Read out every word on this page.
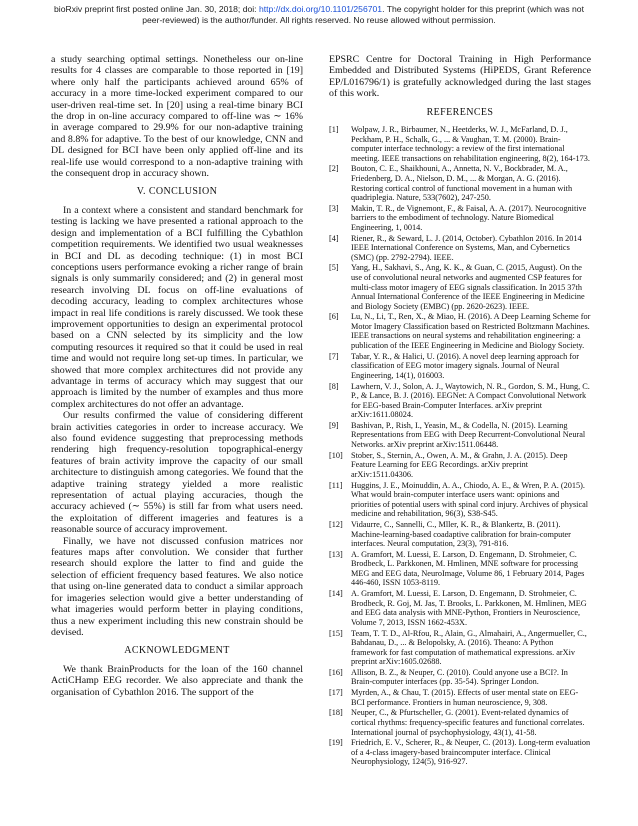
bioRxiv preprint first posted online Jan. 30, 2018; doi: http://dx.doi.org/10.1101/256701. The copyright holder for this preprint (which was not
peer-reviewed) is the author/funder. All rights reserved. No reuse allowed without permission.

a study searching optimal settings. Nonetheless our on-line results for 4 classes are comparable to those reported in [19] where only half the participants achieved around 65% of accuracy in a more time-locked experiment compared to our user-driven real-time set. In [20] using a real-time binary BCI the drop in on-line accuracy compared to off-line was ∼ 16% in average compared to 29.9% for our non-adaptive training and 8.8% for adaptive. To the best of our knowledge, CNN and DL designed for BCI have been only applied off-line and its real-life use would correspond to a non-adaptive training with the consequent drop in accuracy shown.

V. CONCLUSION

In a context where a consistent and standard benchmark for testing is lacking we have presented a rational approach to the design and implementation of a BCI fulfilling the Cybathlon competition requirements. We identified two usual weaknesses in BCI and DL as decoding technique: (1) in most BCI conceptions users performance evoking a richer range of brain signals is only summarily considered; and (2) in general most research involving DL focus on off-line evaluations of decoding accuracy, leading to complex architectures whose impact in real life conditions is rarely discussed. We took these improvement opportunities to design an experimental protocol based on a CNN selected by its simplicity and the low computing resources it required so that it could be used in real time and would not require long set-up times. In particular, we showed that more complex architectures did not provide any advantage in terms of accuracy which may suggest that our approach is limited by the number of examples and thus more complex architectures do not offer an advantage.

Our results confirmed the value of considering different brain activities categories in order to increase accuracy. We also found evidence suggesting that preprocessing methods rendering high frequency-resolution topographical-energy features of brain activity improve the capacity of our small architecture to distinguish among categories. We found that the adaptive training strategy yielded a more realistic representation of actual playing accuracies, though the accuracy achieved (∼ 55%) is still far from what users need. the exploitation of different imageries and features is a reasonable source of accuracy improvement.

Finally, we have not discussed confusion matrices nor features maps after convolution. We consider that further research should explore the latter to find and guide the selection of efficient frequency based features. We also notice that using on-line generated data to conduct a similar approach for imageries selection would give a better understanding of what imageries would perform better in playing conditions, thus a new experiment including this new constrain should be devised.

ACKNOWLEDGMENT

We thank BrainProducts for the loan of the 160 channel ActiCHamp EEG recorder. We also appreciate and thank the organisation of Cybathlon 2016. The support of the

EPSRC Centre for Doctoral Training in High Performance Embedded and Distributed Systems (HiPEDS, Grant Reference EP/L016796/1) is gratefully acknowledged during the last stages of this work.

REFERENCES
[1]	Wolpaw, J. R., Birbaumer, N., Heetderks, W. J., McFarland, D. J., Peckham, P. H., Schalk, G., ... & Vaughan, T. M. (2000). Brain-computer interface technology: a review of the first international meeting. IEEE transactions on rehabilitation engineering, 8(2), 164-173.
[2]	Bouton, C. E., Shaikhouni, A., Annetta, N. V., Bockbrader, M. A., Friedenberg, D. A., Nielson, D. M., ... & Morgan, A. G. (2016). Restoring cortical control of functional movement in a human with quadriplegia. Nature, 533(7602), 247-250.
[3]	Makin, T. R., de Vignemont, F., & Faisal, A. A. (2017). Neurocognitive barriers to the embodiment of technology. Nature Biomedical Engineering, 1, 0014.
[4]	Riener, R., & Seward, L. J. (2014, October). Cybathlon 2016. In 2014 IEEE International Conference on Systems, Man, and Cybernetics (SMC) (pp. 2792-2794). IEEE.
[5]	Yang, H., Sakhavi, S., Ang, K. K., & Guan, C. (2015, August). On the use of convolutional neural networks and augmented CSP features for multi-class motor imagery of EEG signals classification. In 2015 37th Annual International Conference of the IEEE Engineering in Medicine and Biology Society (EMBC) (pp. 2620-2623). IEEE.
[6]	Lu, N., Li, T., Ren, X., & Miao, H. (2016). A Deep Learning Scheme for Motor Imagery Classification based on Restricted Boltzmann Machines. IEEE transactions on neural systems and rehabilitation engineering: a publication of the IEEE Engineering in Medicine and Biology Society.
[7]	Tabar, Y. R., & Halici, U. (2016). A novel deep learning approach for classification of EEG motor imagery signals. Journal of Neural Engineering, 14(1), 016003.
[8]	Lawhern, V. J., Solon, A. J., Waytowich, N. R., Gordon, S. M., Hung, C. P., & Lance, B. J. (2016). EEGNet: A Compact Convolutional Network for EEG-based Brain-Computer Interfaces. arXiv preprint arXiv:1611.08024.
[9]	Bashivan, P., Rish, I., Yeasin, M., & Codella, N. (2015). Learning Representations from EEG with Deep Recurrent-Convolutional Neural Networks. arXiv preprint arXiv:1511.06448.
[10]	Stober, S., Sternin, A., Owen, A. M., & Grahn, J. A. (2015). Deep Feature Learning for EEG Recordings. arXiv preprint arXiv:1511.04306.
[11]	Huggins, J. E., Moinuddin, A. A., Chiodo, A. E., & Wren, P. A. (2015). What would brain-computer interface users want: opinions and priorities of potential users with spinal cord injury. Archives of physical medicine and rehabilitation, 96(3), S38-S45.
[12]	Vidaurre, C., Sannelli, C., Mller, K. R., & Blankertz, B. (2011). Machine-learning-based coadaptive calibration for brain-computer interfaces. Neural computation, 23(3), 791-816.
[13]	A. Gramfort, M. Luessi, E. Larson, D. Engemann, D. Strohmeier, C. Brodbeck, L. Parkkonen, M. Hmlinen, MNE software for processing MEG and EEG data, NeuroImage, Volume 86, 1 February 2014, Pages 446-460, ISSN 1053-8119.
[14]	A. Gramfort, M. Luessi, E. Larson, D. Engemann, D. Strohmeier, C. Brodbeck, R. Goj, M. Jas, T. Brooks, L. Parkkonen, M. Hmlinen, MEG and EEG data analysis with MNE-Python, Frontiers in Neuroscience, Volume 7, 2013, ISSN 1662-453X.
[15]	Team, T. T. D., Al-Rfou, R., Alain, G., Almahairi, A., Angermueller, C., Bahdanau, D., ... & Belopolsky, A. (2016). Theano: A Python framework for fast computation of mathematical expressions. arXiv preprint arXiv:1605.02688.
[16]	Allison, B. Z., & Neuper, C. (2010). Could anyone use a BCI?. In Brain-computer interfaces (pp. 35-54). Springer London.
[17]	Myrden, A., & Chau, T. (2015). Effects of user mental state on EEG-BCI performance. Frontiers in human neuroscience, 9, 308.
[18]	Neuper, C., & Pfurtscheller, G. (2001). Event-related dynamics of cortical rhythms: frequency-specific features and functional correlates. International journal of psychophysiology, 43(1), 41-58.
[19]	Friedrich, E. V., Scherer, R., & Neuper, C. (2013). Long-term evaluation of a 4-class imagery-based braincomputer interface. Clinical Neurophysiology, 124(5), 916-927.
